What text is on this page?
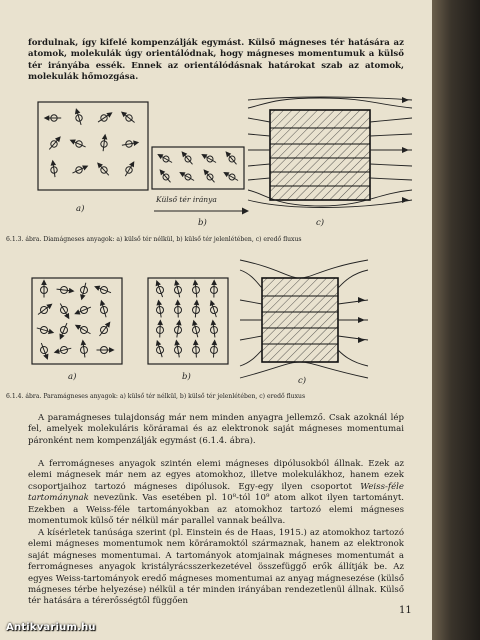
fordulnak, így kifelé kompenzálják egymást. Külső mágneses tér hatására az atomok, molekulák úgy orientálódnak, hogy mágneses momentumuk a külső tér irányába essék. Ennek az orientálódásnak határokat szab az atomok, molekulák hőmozgása.

a)
Külső tér iránya
b)	c)

6.1.3. ábra. Diamágneses anyagok: a) külső tér nélkül, b) külső tér jelenlétében, c) eredő fluxus

a)	b)	c)

6.1.4. ábra. Paramágneses anyagok: a) külső tér nélkül, b) külső tér jelenlétében, c) eredő fluxus

A paramágneses tulajdonság már nem minden anyagra jellemző. Csak azoknál lép fel, amelyek molekuláris köráramai és az elektronok saját mágneses momentumai páronként nem kompenzálják egymást (6.1.4. ábra).

A ferromágneses anyagok szintén elemi mágneses dipólusokból állnak. Ezek az elemi mágnesek már nem az egyes atomokhoz, illetve molekulákhoz, hanem ezek csoportjaihoz tartozó mágneses dipólusok. Egy-egy ilyen csoportot Weiss-féle tartománynak nevezünk. Vas esetében pl. 10⁸-tól 10⁹ atom alkot ilyen tartományt. Ezekben a Weiss-féle tartományokban az atomokhoz tartozó elemi mágneses momentumok külső tér nélkül már parallel vannak beállva.

A kísérletek tanúsága szerint (pl. Einstein és de Haas, 1915.) az atomokhoz tartozó elemi mágneses momentumok nem köráramoktól származnak, hanem az elektronok saját mágneses momentumai. A tartományok atomjainak mágneses momentumát a ferromágneses anyagok kristályrácsszerkezetével összefüggő erők állítják be. Az egyes Weiss-tartományok eredő mágneses momentumai az anyag mágnesezése (külső mágneses térbe helyezése) nélkül a tér minden irányában rendezetlenül állnak. Külső tér hatására a térerősségtől függően

11
Antikvarium.hu
